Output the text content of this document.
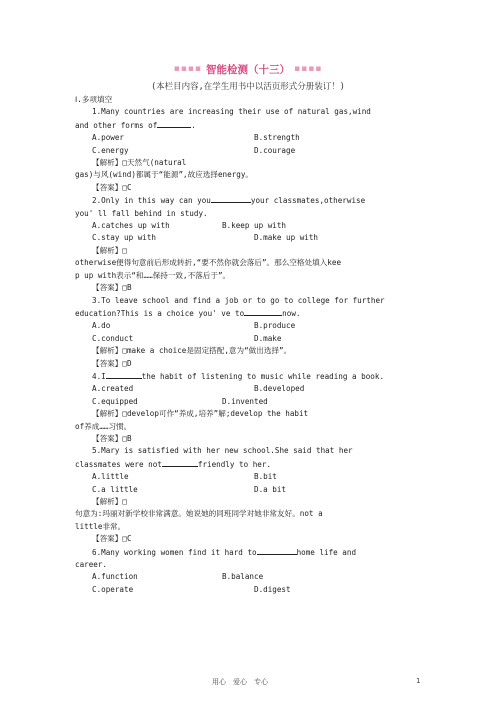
▪▪▪▪ 智能检测（十三） ▪▪▪▪
(本栏目内容,在学生用书中以活页形式分册装订！)
Ⅰ.多项填空
1.Many countries are increasing their use of natural gas,wind
and other forms of	.
A.power	B.strength
C.energy	D.courage
【解析】□天然气(natural
gas)与风(wind)都属于“能源”,故应选择energy。
【答案】□C
2.Only in this way can you	your classmates,otherwise
you' ll fall behind in study.
A.catches up with	B.keep up with
C.stay up with	D.make up with
【解析】□
otherwise便得句意前后形成转折,“要不然你就会落后”。那么空格处填入kee
p up with表示“和……保持一致,不落后于”。
【答案】□B
3.To leave school and find a job or to go to college for further
education?This is a choice you' ve to	now.
A.do	B.produce
C.conduct	D.make
【解析】□make a choice是固定搭配,意为“做出选择”。
【答案】□D
4.I	the habit of listening to music while reading a book.
A.created	B.developed
C.equipped	D.invented
【解析】□develop可作“养成,培养”解;develop the habit
of养成……习惯。
【答案】□B
5.Mary is satisfied with her new school.She said that her
classmates were not	friendly to her.
A.little	B.bit
C.a little	D.a bit
【解析】□
句意为:玛丽对新学校非常满意。她说她的同班同学对她非常友好。not a
little非常。
【答案】□C
6.Many working women find it hard to	home life and
career.
A.function	B.balance
C.operate	D.digest
用心　爱心　专心	1
